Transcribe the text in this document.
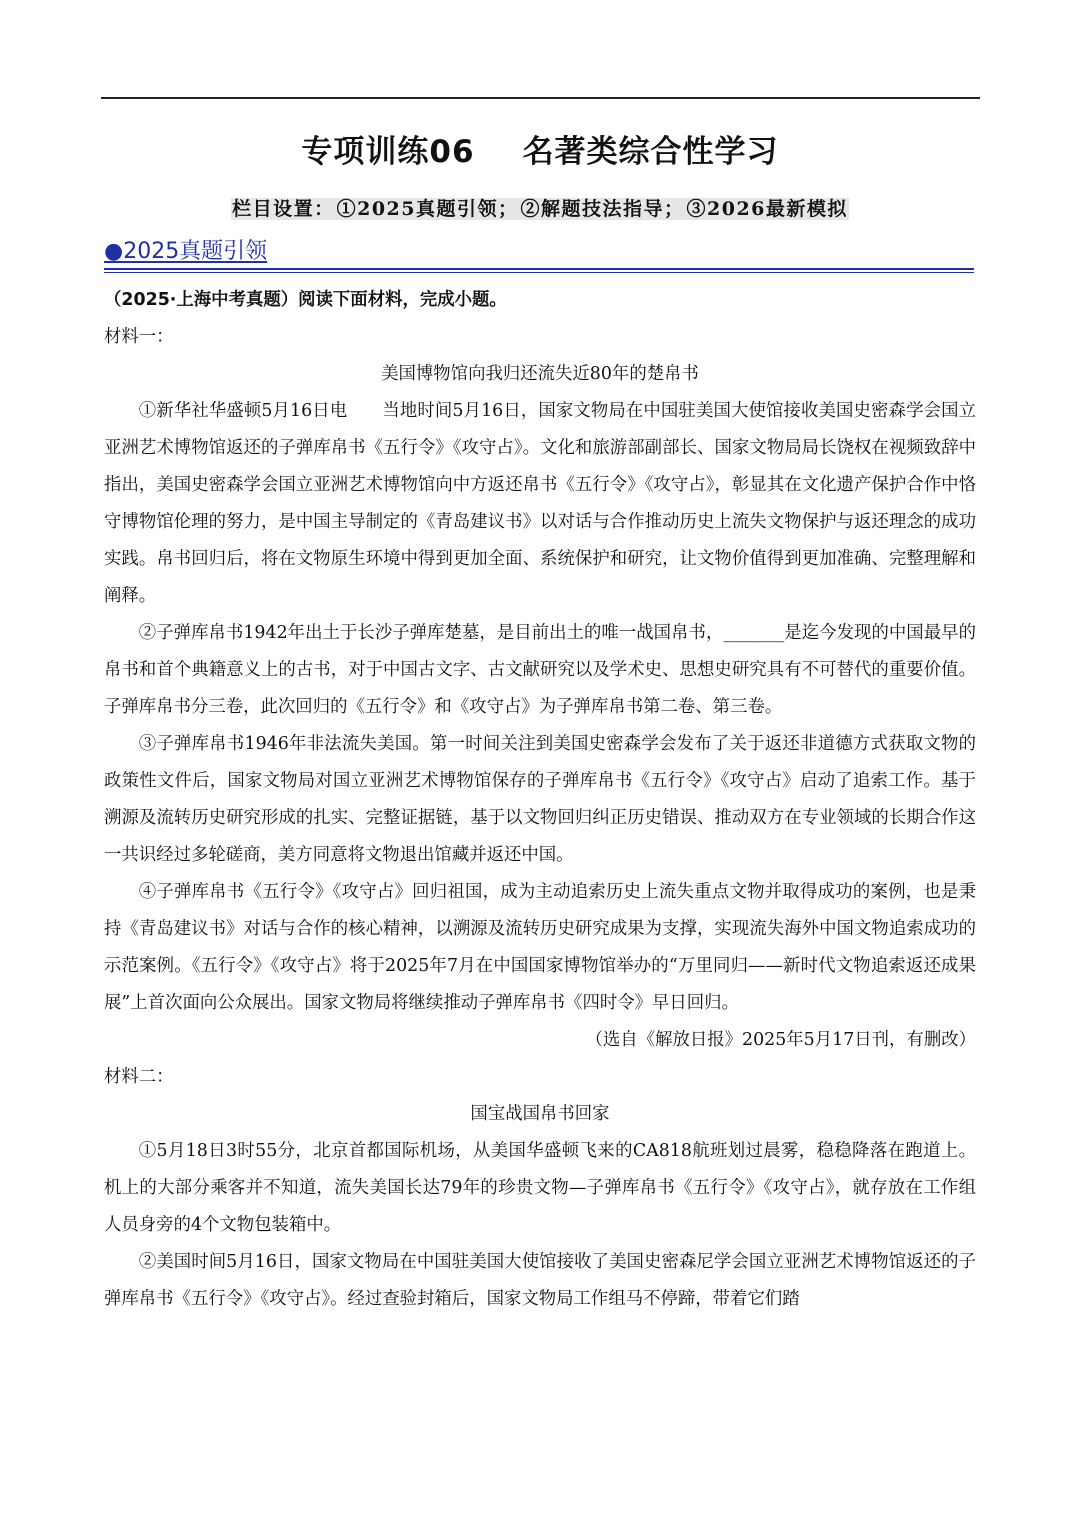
专项训练06 名著类综合性学习
栏目设置： ①2025真题引领； ②解题技法指导； ③2026最新模拟
●2025真题引领

（2025·上海中考真题）阅读下面材料，完成小题。

材料一：

美国博物馆向我归还流失近80年的楚帛书

①新华社华盛顿5月16日电　　当地时间5月16日，国家文物局在中国驻美国大使馆接收美国史密森学会国立亚洲艺术博物馆返还的子弹库帛书《五行令》《攻守占》。文化和旅游部副部长、国家文物局局长饶权在视频致辞中指出，美国史密森学会国立亚洲艺术博物馆向中方返还帛书《五行令》《攻守占》，彰显其在文化遗产保护合作中恪守博物馆伦理的努力，是中国主导制定的《青岛建议书》以对话与合作推动历史上流失文物保护与返还理念的成功实践。帛书回归后，将在文物原生环境中得到更加全面、系统保护和研究，让文物价值得到更加准确、完整理解和阐释。

②子弹库帛书1942年出土于长沙子弹库楚墓，是目前出土的唯一战国帛书，_______是迄今发现的中国最早的帛书和首个典籍意义上的古书，对于中国古文字、古文献研究以及学术史、思想史研究具有不可替代的重要价值。子弹库帛书分三卷，此次回归的《五行令》和《攻守占》为子弹库帛书第二卷、第三卷。

③子弹库帛书1946年非法流失美国。第一时间关注到美国史密森学会发布了关于返还非道德方式获取文物的政策性文件后，国家文物局对国立亚洲艺术博物馆保存的子弹库帛书《五行令》《攻守占》启动了追索工作。基于溯源及流转历史研究形成的扎实、完整证据链，基于以文物回归纠正历史错误、推动双方在专业领域的长期合作这一共识经过多轮磋商，美方同意将文物退出馆藏并返还中国。

④子弹库帛书《五行令》《攻守占》回归祖国，成为主动追索历史上流失重点文物并取得成功的案例，也是秉持《青岛建议书》对话与合作的核心精神，以溯源及流转历史研究成果为支撑，实现流失海外中国文物追索成功的示范案例。《五行令》《攻守占》将于2025年7月在中国国家博物馆举办的“万里同归——新时代文物追索返还成果展”上首次面向公众展出。国家文物局将继续推动子弹库帛书《四时令》早日回归。

（选自《解放日报》2025年5月17日刊，有删改）

材料二：

国宝战国帛书回家

①5月18日3时55分，北京首都国际机场，从美国华盛顿飞来的CA818航班划过晨雾，稳稳降落在跑道上。机上的大部分乘客并不知道，流失美国长达79年的珍贵文物—子弹库帛书《五行令》《攻守占》，就存放在工作组人员身旁的4个文物包装箱中。

②美国时间5月16日，国家文物局在中国驻美国大使馆接收了美国史密森尼学会国立亚洲艺术博物馆返还的子弹库帛书《五行令》《攻守占》。经过查验封箱后，国家文物局工作组马不停蹄，带着它们踏
